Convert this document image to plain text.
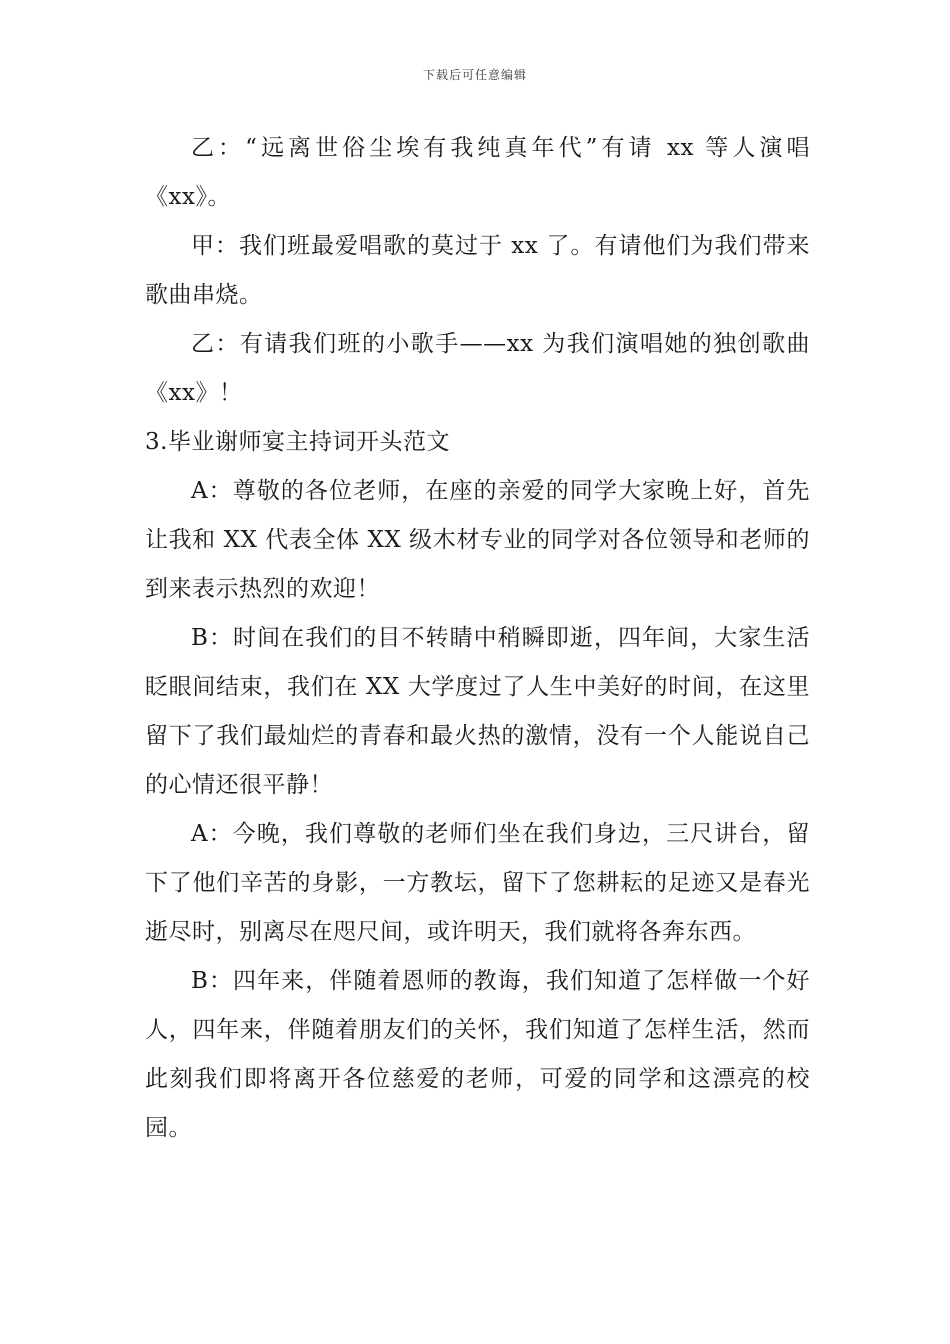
下载后可任意编辑

乙：“远离世俗尘埃有我纯真年代”有请 xx 等人演唱《xx》。

甲：我们班最爱唱歌的莫过于 xx 了。有请他们为我们带来歌曲串烧。

乙：有请我们班的小歌手——xx 为我们演唱她的独创歌曲《xx》！

3.毕业谢师宴主持词开头范文

A：尊敬的各位老师，在座的亲爱的同学大家晚上好，首先让我和 XX 代表全体 XX 级木材专业的同学对各位领导和老师的到来表示热烈的欢迎！

B：时间在我们的目不转睛中稍瞬即逝，四年间，大家生活眨眼间结束，我们在 XX 大学度过了人生中美好的时间，在这里留下了我们最灿烂的青春和最火热的激情，没有一个人能说自己的心情还很平静！

A：今晚，我们尊敬的老师们坐在我们身边，三尺讲台，留下了他们辛苦的身影，一方教坛，留下了您耕耘的足迹又是春光逝尽时，别离尽在咫尺间，或许明天，我们就将各奔东西。

B：四年来，伴随着恩师的教诲，我们知道了怎样做一个好人，四年来，伴随着朋友们的关怀，我们知道了怎样生活，然而此刻我们即将离开各位慈爱的老师，可爱的同学和这漂亮的校园。
